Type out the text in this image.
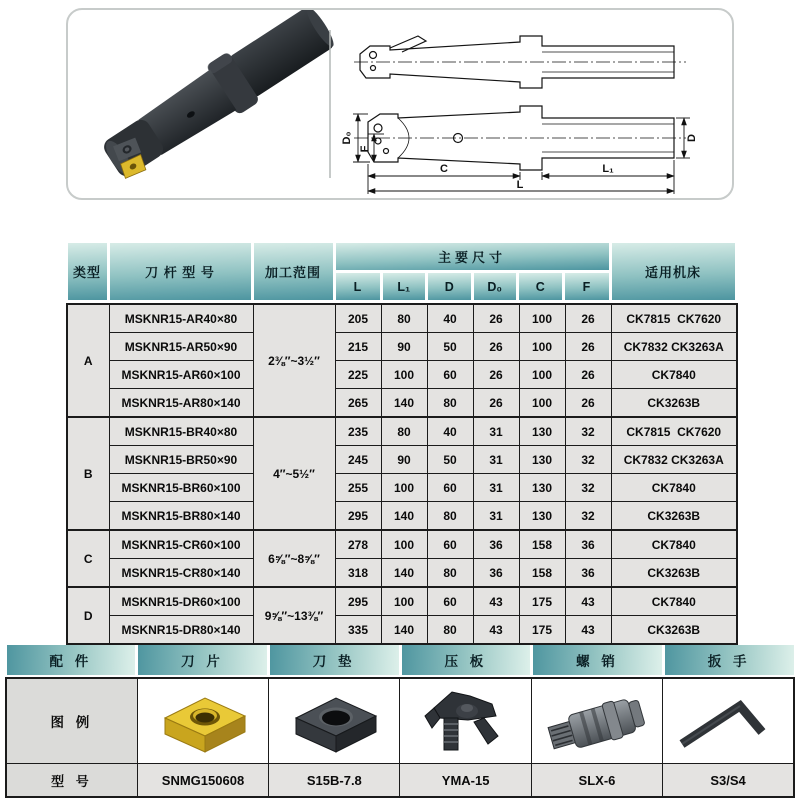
D₀
F
C	L₁
L
D
类型	刀 杆 型 号	加工范围
主要尺寸
L	L₁	D	D₀	C	F
适用机床
A	MSKNR15-AR40×80	2⅜″~3½″	205	80	40	26	100	26	CK7815  CK7620
	MSKNR15-AR50×90		215	90	50	26	100	26	CK7832 CK3263A
	MSKNR15-AR60×100		225	100	60	26	100	26	CK7840
	MSKNR15-AR80×140		265	140	80	26	100	26	CK3263B
B	MSKNR15-BR40×80	4″~5½″	235	80	40	31	130	32	CK7815  CK7620
	MSKNR15-BR50×90		245	90	50	31	130	32	CK7832 CK3263A
	MSKNR15-BR60×100		255	100	60	31	130	32	CK7840
	MSKNR15-BR80×140		295	140	80	31	130	32	CK3263B
C	MSKNR15-CR60×100	6⅝″~8⅝″	278	100	60	36	158	36	CK7840
	MSKNR15-CR80×140		318	140	80	36	158	36	CK3263B
D	MSKNR15-DR60×100	9⅝″~13⅜″	295	100	60	43	175	43	CK7840
	MSKNR15-DR80×140		335	140	80	43	175	43	CK3263B
配 件	刀 片	刀 垫	压 板	螺 销	扳 手
图 例	

型 号	SNMG150608	S15B-7.8	YMA-15	SLX-6	S3/S4
